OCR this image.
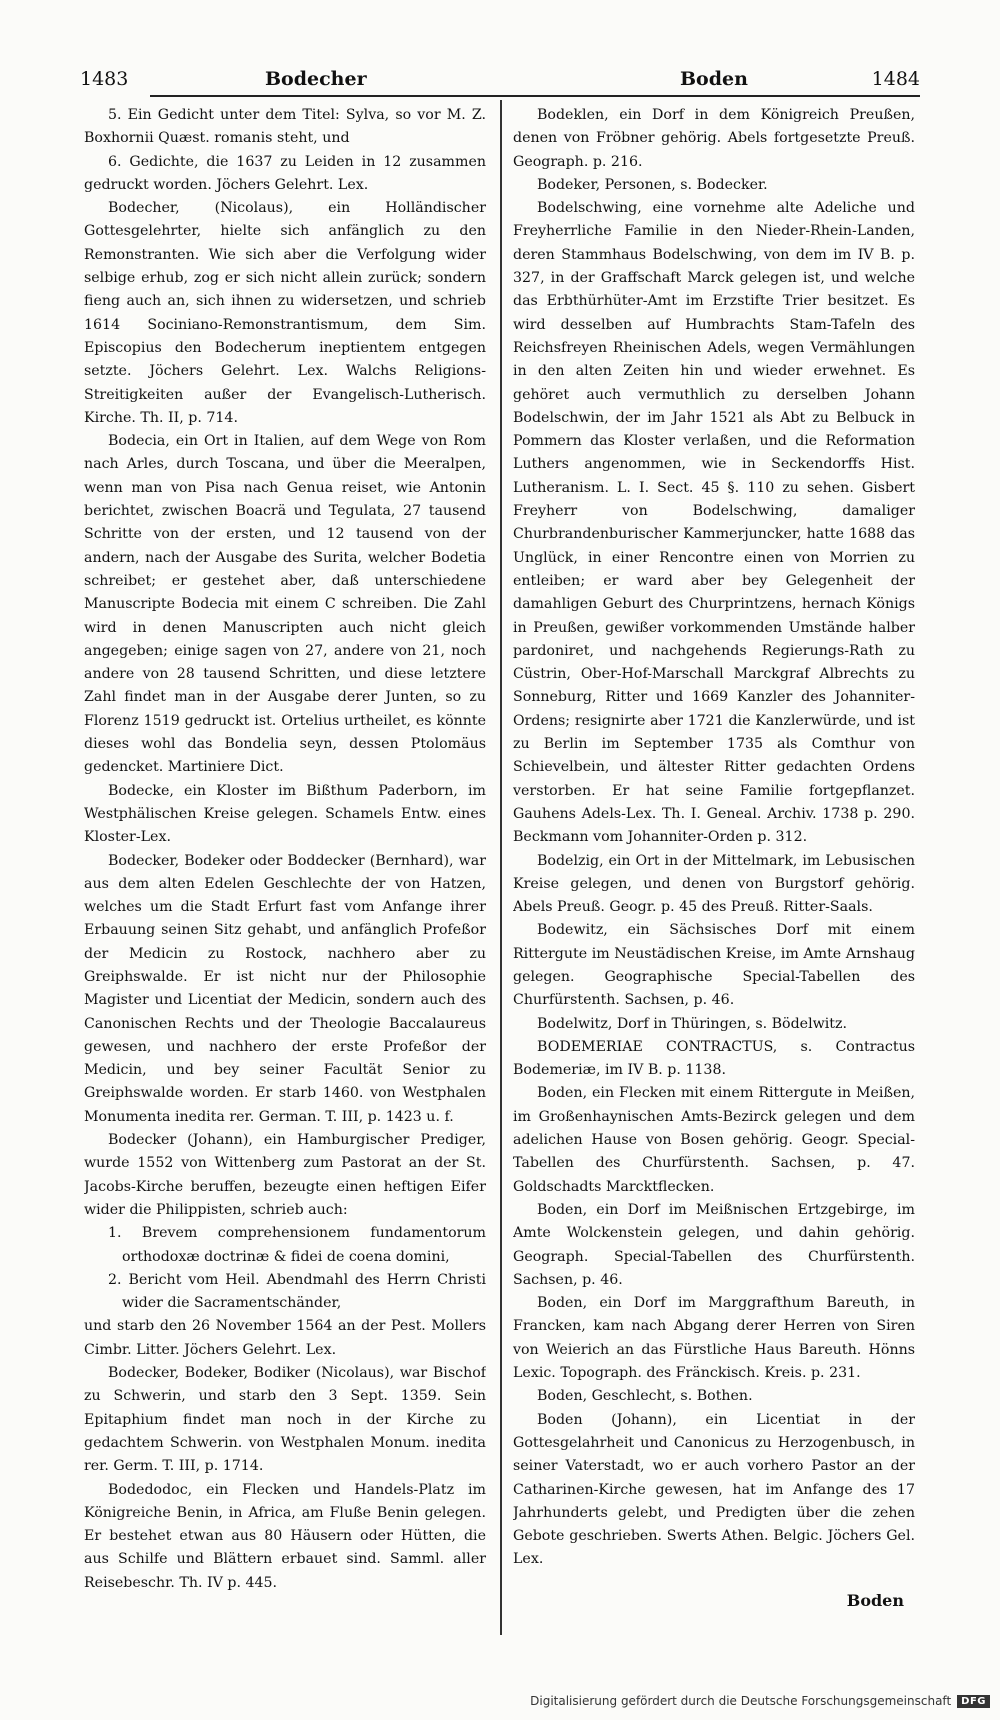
1483	Bodecher	Boden	1484

5. Ein Gedicht unter dem Titel: Sylva, so vor M. Z. Boxhornii Quæst. romanis steht, und

6. Gedichte, die 1637 zu Leiden in 12 zusammen gedruckt worden. Jöchers Gelehrt. Lex.

Bodecher, (Nicolaus), ein Holländischer Gottesgelehrter, hielte sich anfänglich zu den Remonstranten. Wie sich aber die Verfolgung wider selbige erhub, zog er sich nicht allein zurück; sondern fieng auch an, sich ihnen zu widersetzen, und schrieb 1614 Sociniano-Remonstrantismum, dem Sim. Episcopius den Bodecherum ineptientem entgegen setzte. Jöchers Gelehrt. Lex. Walchs Religions-Streitigkeiten außer der Evangelisch-Lutherisch. Kirche. Th. II, p. 714.

Bodecia, ein Ort in Italien, auf dem Wege von Rom nach Arles, durch Toscana, und über die Meeralpen, wenn man von Pisa nach Genua reiset, wie Antonin berichtet, zwischen Boacrä und Tegulata, 27 tausend Schritte von der ersten, und 12 tausend von der andern, nach der Ausgabe des Surita, welcher Bodetia schreibet; er gestehet aber, daß unterschiedene Manuscripte Bodecia mit einem C schreiben. Die Zahl wird in denen Manuscripten auch nicht gleich angegeben; einige sagen von 27, andere von 21, noch andere von 28 tausend Schritten, und diese letztere Zahl findet man in der Ausgabe derer Junten, so zu Florenz 1519 gedruckt ist. Ortelius urtheilet, es könnte dieses wohl das Bondelia seyn, dessen Ptolomäus gedencket. Martiniere Dict.

Bodecke, ein Kloster im Bißthum Paderborn, im Westphälischen Kreise gelegen. Schamels Entw. eines Kloster-Lex.

Bodecker, Bodeker oder Boddecker (Bernhard), war aus dem alten Edelen Geschlechte der von Hatzen, welches um die Stadt Erfurt fast vom Anfange ihrer Erbauung seinen Sitz gehabt, und anfänglich Profeßor der Medicin zu Rostock, nachhero aber zu Greiphswalde. Er ist nicht nur der Philosophie Magister und Licentiat der Medicin, sondern auch des Canonischen Rechts und der Theologie Baccalaureus gewesen, und nachhero der erste Profeßor der Medicin, und bey seiner Facultät Senior zu Greiphswalde worden. Er starb 1460. von Westphalen Monumenta inedita rer. German. T. III, p. 1423 u. f.

Bodecker (Johann), ein Hamburgischer Prediger, wurde 1552 von Wittenberg zum Pastorat an der St. Jacobs-Kirche beruffen, bezeugte einen heftigen Eifer wider die Philippisten, schrieb auch:

1. Brevem comprehensionem fundamentorum orthodoxæ doctrinæ & fidei de coena domini,

2. Bericht vom Heil. Abendmahl des Herrn Christi wider die Sacramentschänder,

und starb den 26 November 1564 an der Pest. Mollers Cimbr. Litter. Jöchers Gelehrt. Lex.

Bodecker, Bodeker, Bodiker (Nicolaus), war Bischof zu Schwerin, und starb den 3 Sept. 1359. Sein Epitaphium findet man noch in der Kirche zu gedachtem Schwerin. von Westphalen Monum. inedita rer. Germ. T. III, p. 1714.

Bodedodoc, ein Flecken und Handels-Platz im Königreiche Benin, in Africa, am Fluße Benin gelegen. Er bestehet etwan aus 80 Häusern oder Hütten, die aus Schilfe und Blättern erbauet sind. Samml. aller Reisebeschr. Th. IV p. 445.

Bodeklen, ein Dorf in dem Königreich Preußen, denen von Fröbner gehörig. Abels fortgesetzte Preuß. Geograph. p. 216.

Bodeker, Personen, s. Bodecker.

Bodelschwing, eine vornehme alte Adeliche und Freyherrliche Familie in den Nieder-Rhein-Landen, deren Stammhaus Bodelschwing, von dem im IV B. p. 327, in der Graffschaft Marck gelegen ist, und welche das Erbthürhüter-Amt im Erzstifte Trier besitzet. Es wird desselben auf Humbrachts Stam-Tafeln des Reichsfreyen Rheinischen Adels, wegen Vermählungen in den alten Zeiten hin und wieder erwehnet. Es gehöret auch vermuthlich zu derselben Johann Bodelschwin, der im Jahr 1521 als Abt zu Belbuck in Pommern das Kloster verlaßen, und die Reformation Luthers angenommen, wie in Seckendorffs Hist. Lutheranism. L. I. Sect. 45 §. 110 zu sehen. Gisbert Freyherr von Bodelschwing, damaliger Churbrandenburischer Kammerjuncker, hatte 1688 das Unglück, in einer Rencontre einen von Morrien zu entleiben; er ward aber bey Gelegenheit der damahligen Geburt des Churprintzens, hernach Königs in Preußen, gewißer vorkommenden Umstände halber pardoniret, und nachgehends Regierungs-Rath zu Cüstrin, Ober-Hof-Marschall Marckgraf Albrechts zu Sonneburg, Ritter und 1669 Kanzler des Johanniter-Ordens; resignirte aber 1721 die Kanzlerwürde, und ist zu Berlin im September 1735 als Comthur von Schievelbein, und ältester Ritter gedachten Ordens verstorben. Er hat seine Familie fortgepflanzet. Gauhens Adels-Lex. Th. I. Geneal. Archiv. 1738 p. 290. Beckmann vom Johanniter-Orden p. 312.

Bodelzig, ein Ort in der Mittelmark, im Lebusischen Kreise gelegen, und denen von Burgstorf gehörig. Abels Preuß. Geogr. p. 45 des Preuß. Ritter-Saals.

Bodewitz, ein Sächsisches Dorf mit einem Rittergute im Neustädischen Kreise, im Amte Arnshaug gelegen. Geographische Special-Tabellen des Churfürstenth. Sachsen, p. 46.

Bodelwitz, Dorf in Thüringen, s. Bödelwitz.

BODEMERIAE CONTRACTUS, s. Contractus Bodemeriæ, im IV B. p. 1138.

Boden, ein Flecken mit einem Rittergute in Meißen, im Großenhaynischen Amts-Bezirck gelegen und dem adelichen Hause von Bosen gehörig. Geogr. Special-Tabellen des Churfürstenth. Sachsen, p. 47. Goldschadts Marcktflecken.

Boden, ein Dorf im Meißnischen Ertzgebirge, im Amte Wolckenstein gelegen, und dahin gehörig. Geograph. Special-Tabellen des Churfürstenth. Sachsen, p. 46.

Boden, ein Dorf im Marggrafthum Bareuth, in Francken, kam nach Abgang derer Herren von Siren von Weierich an das Fürstliche Haus Bareuth. Hönns Lexic. Topograph. des Fränckisch. Kreis. p. 231.

Boden, Geschlecht, s. Bothen.

Boden (Johann), ein Licentiat in der Gottesgelahrheit und Canonicus zu Herzogenbusch, in seiner Vaterstadt, wo er auch vorhero Pastor an der Catharinen-Kirche gewesen, hat im Anfange des 17 Jahrhunderts gelebt, und Predigten über die zehen Gebote geschrieben. Swerts Athen. Belgic. Jöchers Gel. Lex.

Boden
Digitalisierung gefördert durch die Deutsche Forschungsgemeinschaft	DFG
